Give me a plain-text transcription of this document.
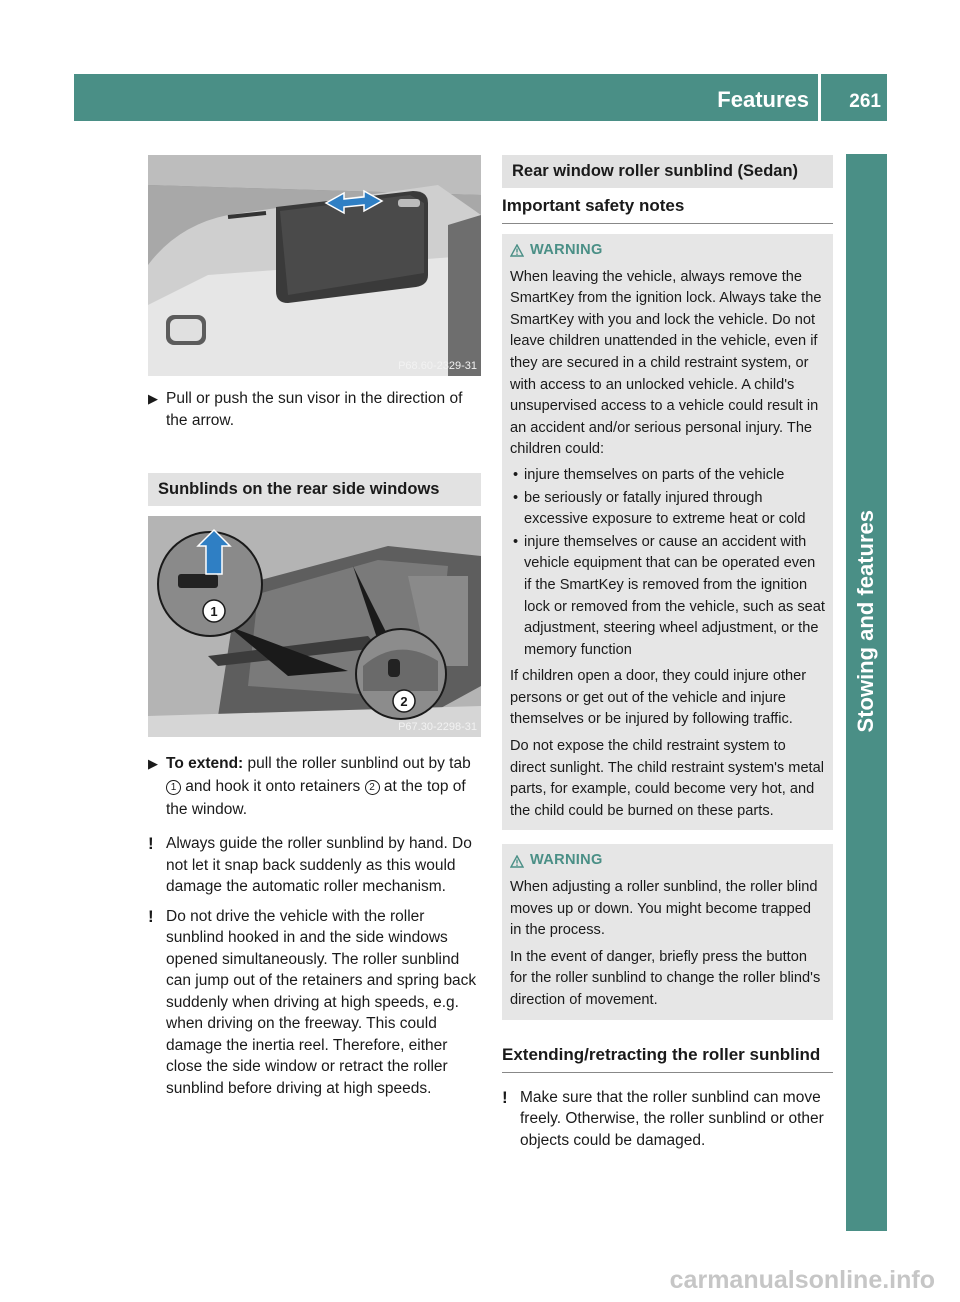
Features 261
Stowing and features
P68.60-2329-31
▶ Pull or push the sun visor in the direction of the arrow.
Sunblinds on the rear side windows
1
2
P67.30-2298-31
▶ To extend: pull the roller sunblind out by tab 1 and hook it onto retainers 2 at the top of the window.
! Always guide the roller sunblind by hand. Do not let it snap back suddenly as this would damage the automatic roller mechanism.
! Do not drive the vehicle with the roller sunblind hooked in and the side windows opened simultaneously. The roller sunblind can jump out of the retainers and spring back suddenly when driving at high speeds, e.g. when driving on the freeway. This could damage the inertia reel. Therefore, either close the side window or retract the roller sunblind before driving at high speeds.
Rear window roller sunblind (Sedan)
Important safety notes
WARNING

When leaving the vehicle, always remove the SmartKey from the ignition lock. Always take the SmartKey with you and lock the vehicle. Do not leave children unattended in the vehicle, even if they are secured in a child restraint system, or with access to an unlocked vehicle. A child's unsupervised access to a vehicle could result in an accident and/or serious personal injury. The children could:

• injure themselves on parts of the vehicle
• be seriously or fatally injured through excessive exposure to extreme heat or cold
• injure themselves or cause an accident with vehicle equipment that can be operated even if the SmartKey is removed from the ignition lock or removed from the vehicle, such as seat adjustment, steering wheel adjustment, or the memory function

If children open a door, they could injure other persons or get out of the vehicle and injure themselves or be injured by following traffic.

Do not expose the child restraint system to direct sunlight. The child restraint system's metal parts, for example, could become very hot, and the child could be burned on these parts.

WARNING

When adjusting a roller sunblind, the roller blind moves up or down. You might become trapped in the process.

In the event of danger, briefly press the button for the roller sunblind to change the roller blind's direction of movement.

Extending/retracting the roller sunblind
! Make sure that the roller sunblind can move freely. Otherwise, the roller sunblind or other objects could be damaged.
carmanualsonline.info
